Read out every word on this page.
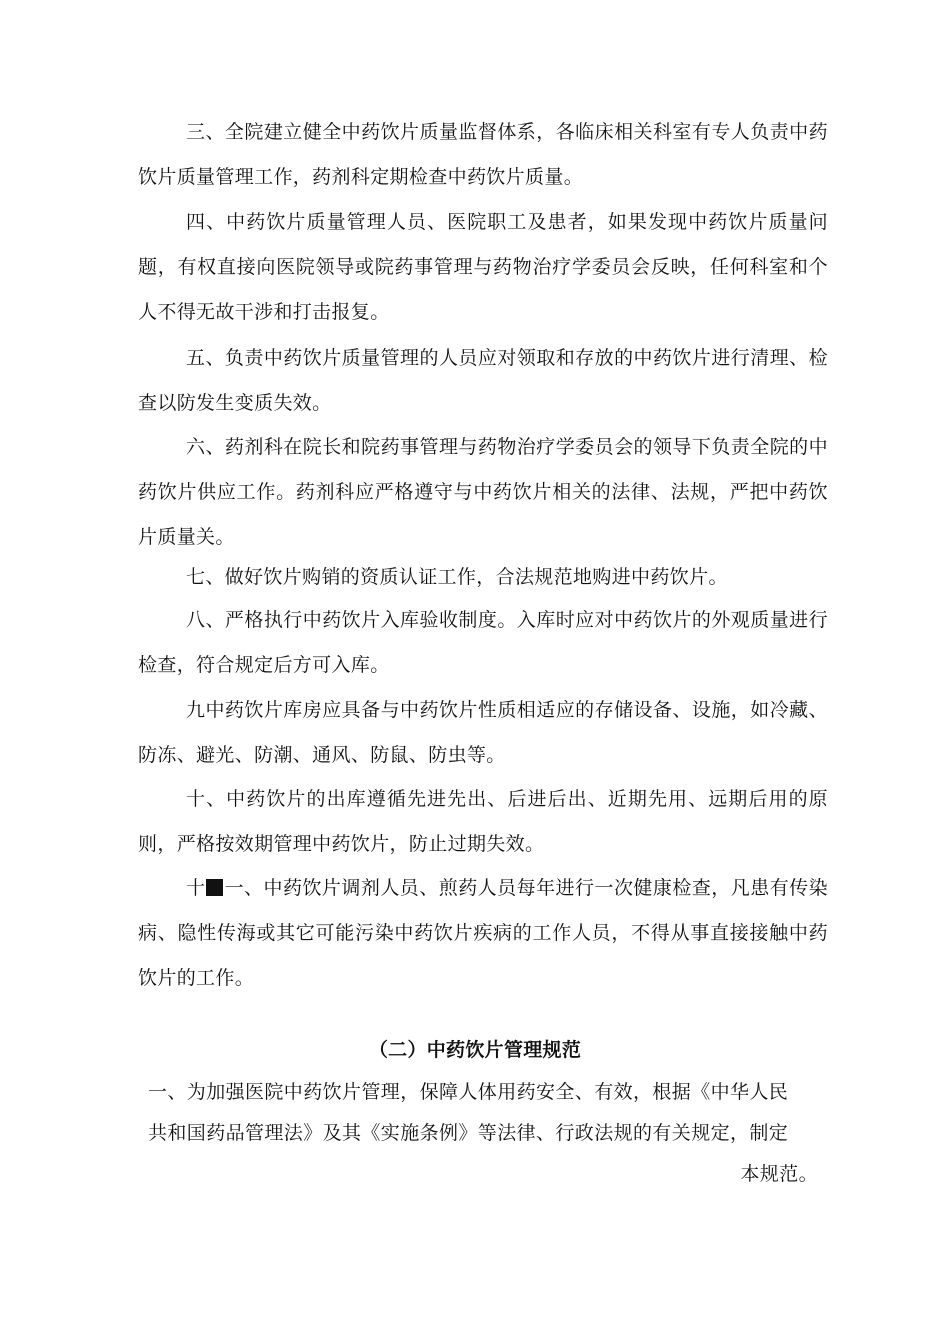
三、全院建立健全中药饮片质量监督体系，各临床相关科室有专人负责中药饮片质量管理工作，药剂科定期检查中药饮片质量。

四、中药饮片质量管理人员、医院职工及患者，如果发现中药饮片质量问题，有权直接向医院领导或院药事管理与药物治疗学委员会反映，任何科室和个人不得无故干涉和打击报复。

五、负责中药饮片质量管理的人员应对领取和存放的中药饮片进行清理、检查以防发生变质失效。

六、药剂科在院长和院药事管理与药物治疗学委员会的领导下负责全院的中药饮片供应工作。药剂科应严格遵守与中药饮片相关的法律、法规，严把中药饮片质量关。

七、做好饮片购销的资质认证工作，合法规范地购进中药饮片。

八、严格执行中药饮片入库验收制度。入库时应对中药饮片的外观质量进行检查，符合规定后方可入库。

九中药饮片库房应具备与中药饮片性质相适应的存储设备、设施，如冷藏、防冻、避光、防潮、通风、防鼠、防虫等。

十、中药饮片的出库遵循先进先出、后进后出、近期先用、远期后用的原则，严格按效期管理中药饮片，防止过期失效。

十 一、中药饮片调剂人员、煎药人员每年进行一次健康检查，凡患有传染病、隐性传海或其它可能污染中药饮片疾病的工作人员，不得从事直接接触中药饮片的工作。

（二）中药饮片管理规范

一、为加强医院中药饮片管理，保障人体用药安全、有效，根据《中华人民
共和国药品管理法》及其《实施条例》等法律、行政法规的有关规定，制定
本规范。
